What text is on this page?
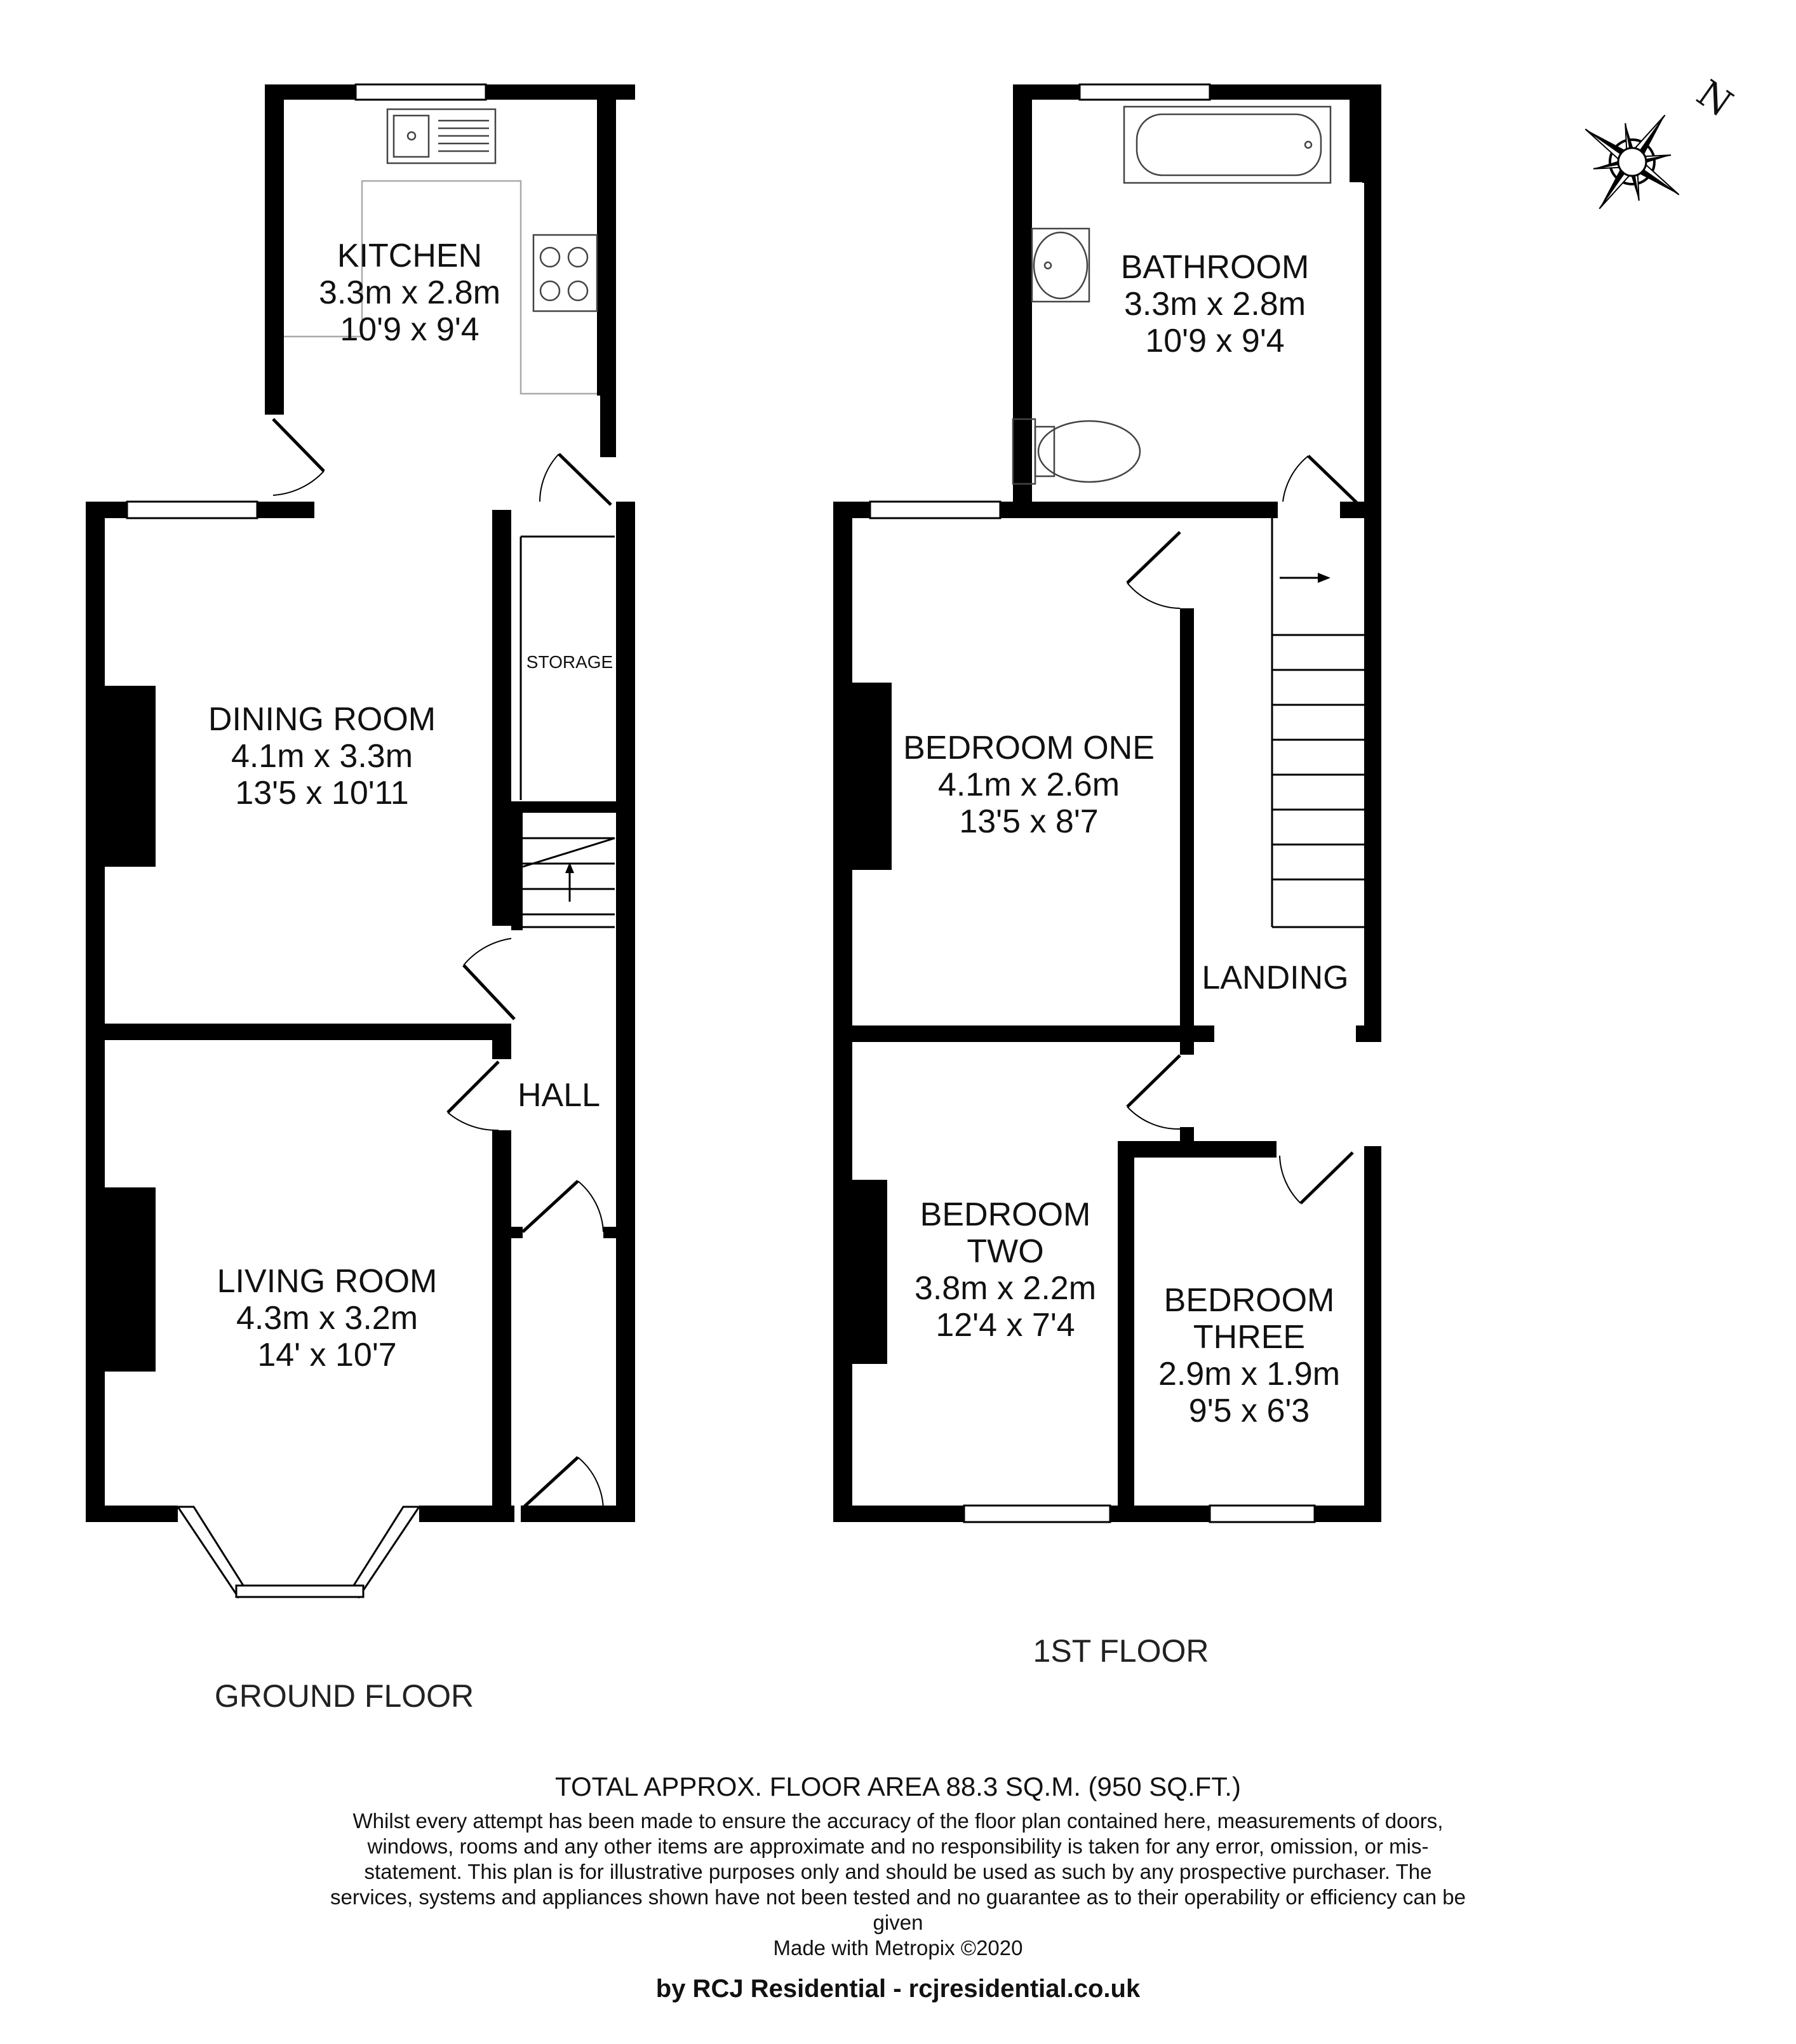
KITCHEN
3.3m x 2.8m
10'9 x 9'4
DINING ROOM
4.1m x 3.3m
13'5 x 10'11
STORAGE
HALL
LIVING ROOM
4.3m x 3.2m
14' x 10'7
GROUND FLOOR
BATHROOM
3.3m x 2.8m
10'9 x 9'4
BEDROOM ONE
4.1m x 2.6m
13'5 x 8'7
LANDING
BEDROOM
TWO
3.8m x 2.2m
12'4 x 7'4
BEDROOM
THREE
2.9m x 1.9m
9'5 x 6'3
1ST FLOOR
N
TOTAL APPROX. FLOOR AREA 88.3 SQ.M. (950 SQ.FT.)
Whilst every attempt has been made to ensure the accuracy of the floor plan contained here, measurements of doors, windows, rooms and any other items are approximate and no responsibility is taken for any error, omission, or mis-statement. This plan is for illustrative purposes only and should be used as such by any prospective purchaser. The services, systems and appliances shown have not been tested and no guarantee as to their operability or efficiency can be given
Made with Metropix ©2020
by RCJ Residential - rcjresidential.co.uk
